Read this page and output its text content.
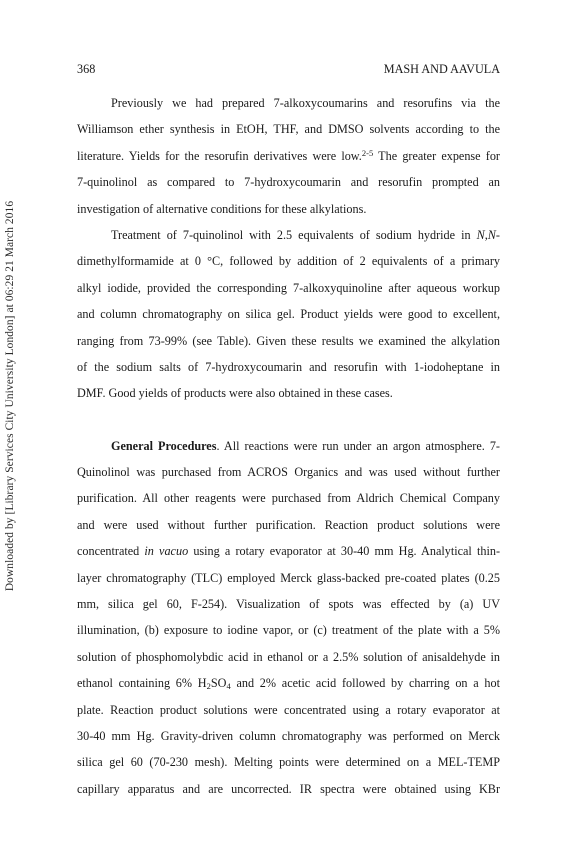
Downloaded by [Library Services City University London] at 06:29 21 March 2016
368	MASH AND AAVULA
Previously we had prepared 7-alkoxycoumarins and resorufins via the
Williamson ether synthesis in EtOH, THF, and DMSO solvents according to the
literature. Yields for the resorufin derivatives were low.$^{2-5}$ The greater expense for
7-quinolinol as compared to 7-hydroxycoumarin and resorufin prompted an
investigation of alternative conditions for these alkylations.
Treatment of 7-quinolinol with 2.5 equivalents of sodium hydride in N,N-
dimethylformamide at 0 °C, followed by addition of 2 equivalents of a primary
alkyl iodide, provided the corresponding 7-alkoxyquinoline after aqueous workup
and column chromatography on silica gel. Product yields were good to excellent,
ranging from 73-99% (see Table). Given these results we examined the alkylation
of the sodium salts of 7-hydroxycoumarin and resorufin with 1-iodoheptane in
DMF. Good yields of products were also obtained in these cases.
General Procedures. All reactions were run under an argon atmosphere. 7-
Quinolinol was purchased from ACROS Organics and was used without further
purification. All other reagents were purchased from Aldrich Chemical Company
and were used without further purification. Reaction product solutions were
concentrated in vacuo using a rotary evaporator at 30-40 mm Hg. Analytical thin-
layer chromatography (TLC) employed Merck glass-backed pre-coated plates (0.25
mm, silica gel 60, F-254). Visualization of spots was effected by (a) UV
illumination, (b) exposure to iodine vapor, or (c) treatment of the plate with a 5%
solution of phosphomolybdic acid in ethanol or a 2.5% solution of anisaldehyde in
ethanol containing 6% $H_2SO_4$ and 2% acetic acid followed by charring on a hot
plate. Reaction product solutions were concentrated using a rotary evaporator at
30-40 mm Hg. Gravity-driven column chromatography was performed on Merck
silica gel 60 (70-230 mesh). Melting points were determined on a MEL-TEMP
capillary apparatus and are uncorrected. IR spectra were obtained using KBr
